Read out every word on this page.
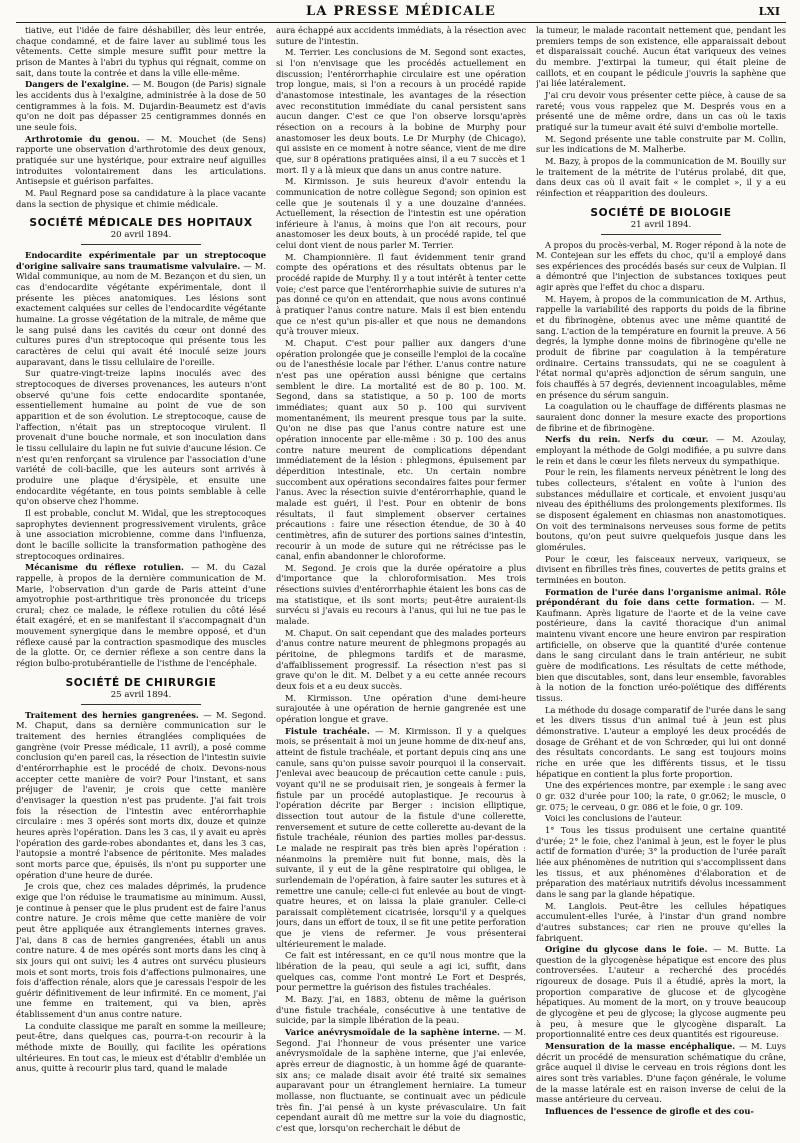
LA PRESSE MÉDICALE	LXI

tiative, eut l'idée de faire déshabiller, dès leur entrée, chaque condamné, et de faire laver au sublimé tous les vêtements. Cette simple mesure suffit pour mettre la prison de Mantes à l'abri du typhus qui régnait, comme on sait, dans toute la contrée et dans la ville elle-même.

Dangers de l'exalgine. — M. Bougon (de Paris) signale les accidents dus à l'exalgine, administrée à la dose de 50 centigrammes à la fois. M. Dujardin-Beaumetz est d'avis qu'on ne doit pas dépasser 25 centigrammes donnés en une seule fois.

Arthrotomie du genou. — M. Mouchet (de Sens) rapporte une observation d'arthrotomie des deux genoux, pratiquée sur une hystérique, pour extraire neuf aiguilles introduites volontairement dans les articulations. Antisepsie et guérison parfaites.

M. Paul Regnard pose sa candidature à la place vacante dans la section de physique et chimie médicale.

SOCIÉTÉ MÉDICALE DES HOPITAUX
20 avril 1894.

Endocardite expérimentale par un streptocoque d'origine salivaire sans traumatisme valvulaire. — M. Widal communique, au nom de M. Bezançon et du sien, un cas d'endocardite végétante expérimentale, dont il présente les pièces anatomiques. Les lésions sont exactement calquées sur celles de l'endocardite végétante humaine. La grosse végétation de la mitrale, de même que le sang puisé dans les cavités du cœur ont donné des cultures pures d'un streptocoque qui présente tous les caractères de celui qui avait été inoculé seize jours auparavant, dans le tissu cellulaire de l'oreille.

Sur quatre-vingt-treize lapins inoculés avec des streptocoques de diverses provenances, les auteurs n'ont observé qu'une fois cette endocardite spontanée, essentiellement humaine au point de vue de son apparition et de son évolution. Le streptocoque, cause de l'affection, n'était pas un streptocoque virulent. Il provenait d'une bouche normale, et son inoculation dans le tissu cellulaire du lapin ne fut suivie d'aucune lésion. Ce n'est qu'en renforçant sa virulence par l'association d'une variété de coli-bacille, que les auteurs sont arrivés à produire une plaque d'érysipèle, et ensuite une endocardite végétante, en tous points semblable à celle qu'on observe chez l'homme.

Il est probable, conclut M. Widal, que les streptocoques saprophytes deviennent progressivement virulents, grâce à une association microbienne, comme dans l'influenza, dont le bacille sollicite la transformation pathogène des streptocoques ordinaires.

Mécanisme du réflexe rotulien. — M. du Cazal rappelle, à propos de la dernière communication de M. Marie, l'observation d'un garde de Paris atteint d'une amyotrophie post-arthritique très prononcée du triceps crural; chez ce malade, le réflexe rotulien du côté lésé était exagéré, et en se manifestant il s'accompagnait d'un mouvement synergique dans le membre opposé, et d'un réflexe causé par la contraction spasmodique des muscles de la glotte. Or, ce dernier réflexe a son centre dans la région bulbo-protubérantielle de l'isthme de l'encéphale.

SOCIÉTÉ DE CHIRURGIE
25 avril 1894.

Traitement des hernies gangrenées. — M. Segond. M. Chaput, dans sa dernière communication sur le traitement des hernies étranglées compliquées de gangrène (voir Presse médicale, 11 avril), a posé comme conclusion qu'en pareil cas, la résection de l'intestin suivie d'entérorrhaphie est le procédé de choix. Devons-nous accepter cette manière de voir? Pour l'instant, et sans préjuger de l'avenir, je crois que cette manière d'envisager la question n'est pas prudente. J'ai fait trois fois la résection de l'intestin avec entérorrhaphie circulaire : mes 3 opérés sont morts dix, douze et quinze heures après l'opération. Dans les 3 cas, il y avait eu après l'opération des garde-robes abondantes et, dans les 3 cas, l'autopsie a montré l'absence de péritonite. Mes malades sont morts parce que, épuisés, ils n'ont pu supporter une opération d'une heure de durée.

Je crois que, chez ces malades déprimés, la prudence exige que l'on réduise le traumatisme au minimum. Aussi, je continue à penser que le plus prudent est de faire l'anus contre nature. Je crois même que cette manière de voir peut être appliquée aux étranglements internes graves. J'ai, dans 8 cas de hernies gangrenées, établi un anus contre nature. 4 de mes opérés sont morts dans les cinq à six jours qui ont suivi; les 4 autres ont survécu plusieurs mois et sont morts, trois fois d'affections pulmonaires, une fois d'affection rénale, alors que je caressais l'espoir de les guérir définitivement de leur infirmité. En ce moment, j'ai une femme en traitement, qui va bien, après établissement d'un anus contre nature.

La conduite classique me paraît en somme la meilleure; peut-être, dans quelques cas, pourra-t-on recourir à la méthode mixte de Bouilly, qui facilite les opérations ultérieures. En tout cas, le mieux est d'établir d'emblée un anus, quitte à recourir plus tard, quand le malade

aura échappé aux accidents immédiats, à la résection avec suture de l'intestin.

M. Terrier. Les conclusions de M. Segond sont exactes, si l'on n'envisage que les procédés actuellement en discussion; l'entérorrhaphie circulaire est une opération trop longue, mais, si l'on a recours à un procédé rapide d'anastomose intestinale, les avantages de la résection avec reconstitution immédiate du canal persistent sans aucun danger. C'est ce que l'on observe lorsqu'après résection on a recours à la bobine de Murphy pour anastomoser les deux bouts. Le Dr Murphy (de Chicago), qui assiste en ce moment à notre séance, vient de me dire que, sur 8 opérations pratiquées ainsi, il a eu 7 succès et 1 mort. Il y a là mieux que dans un anus contre nature.

M. Kirmisson. Je suis heureux d'avoir entendu la communication de notre collègue Segond; son opinion est celle que je soutenais il y a une douzaine d'années. Actuellement, la résection de l'intestin est une opération inférieure à l'anus, à moins que l'on ait recours, pour anastomoser les deux bouts, à un procédé rapide, tel que celui dont vient de nous parler M. Terrier.

M. Championnière. Il faut évidemment tenir grand compte des opérations et des résultats obtenus par le procédé rapide de Murphy. Il y a tout intérêt à tenter cette voie; c'est parce que l'entérorrhaphie suivie de sutures n'a pas donné ce qu'on en attendait, que nous avons continué à pratiquer l'anus contre nature. Mais il est bien entendu que ce n'est qu'un pis-aller et que nous ne demandons qu'à trouver mieux.

M. Chaput. C'est pour pallier aux dangers d'une opération prolongée que je conseille l'emploi de la cocaïne ou de l'anesthésie locale par l'éther. L'anus contre nature n'est pas une opération aussi bénigne que certains semblent le dire. La mortalité est de 80 p. 100. M. Segond, dans sa statistique, a 50 p. 100 de morts immédiates; quant aux 50 p. 100 qui survivent momentanément, ils meurent presque tous par la suite. Qu'on ne dise pas que l'anus contre nature est une opération innocente par elle-même : 30 p. 100 des anus contre nature meurent de complications dépendant immédiatement de la lésion : phlegmons, épuisement par déperdition intestinale, etc. Un certain nombre succombent aux opérations secondaires faites pour fermer l'anus. Avec la résection suivie d'entérorrhaphie, quand le malade est guéri, il l'est. Pour en obtenir de bons résultats, il faut simplement observer certaines précautions : faire une résection étendue, de 30 à 40 centimètres, afin de suturer des portions saines d'intestin, recourir à un mode de suture qui ne rétrécisse pas le canal, enfin abandonner le chloroforme.

M. Segond. Je crois que la durée opératoire a plus d'importance que la chloroformisation. Mes trois résections suivies d'entérorrhaphie étaient les bons cas de ma statistique, et ils sont morts; peut-être auraient-ils survécu si j'avais eu recours à l'anus, qui lui ne tue pas le malade.

M. Chaput. On sait cependant que des malades porteurs d'anus contre nature meurent de phlegmons propagés au péritoine, de phlegmons tardifs et de marasme, d'affaiblissement progressif. La résection n'est pas si grave qu'on le dit. M. Delbet y a eu cette année recours deux fois et a eu deux succès.

M. Kirmisson. Une opération d'une demi-heure surajoutée à une opération de hernie gangrenée est une opération longue et grave.

Fistule trachéale. — M. Kirmisson. Il y a quelques mois, se présentait à moi un jeune homme de dix-neuf ans, atteint de fistule trachéale, et portant depuis cinq ans une canule, sans qu'on puisse savoir pourquoi il la conservait. J'enlevai avec beaucoup de précaution cette canule : puis, voyant qu'il ne se produisait rien, je songeais à fermer la fistule par un procédé autoplastique. Je recourus à l'opération décrite par Berger : incision elliptique, dissection tout autour de la fistule d'une collerette, renversement et suture de cette collerette au-devant de la fistule trachéale, réunion des parties molles par-dessus. Le malade ne respirait pas très bien après l'opération : néanmoins la première nuit fut bonne, mais, dès la suivante, il y eut de la gêne respiratoire qui obligea, le surlendemain de l'opération, à faire sauter les sutures et à remettre une canule; celle-ci fut enlevée au bout de vingt-quatre heures, et on laissa la plaie granuler. Celle-ci paraissait complètement cicatrisée, lorsqu'il y a quelques jours, dans un effort de toux, il se fit une petite perforation que je viens de refermer. Je vous présenterai ultérieurement le malade.

Ce fait est intéressant, en ce qu'il nous montre que la libération de la peau, qui seule a agi ici, suffit, dans quelques cas, comme l'ont montré Le Fort et Després, pour permettre la guérison des fistules trachéales.

M. Bazy. J'ai, en 1883, obtenu de même la guérison d'une fistule trachéale, consécutive à une tentative de suicide, par la simple libération de la peau.

Varice anévrysmoïdale de la saphène interne. — M. Segond. J'ai l'honneur de vous présenter une varice anévrysmoïdale de la saphène interne, que j'ai enlevée, après erreur de diagnostic, à un homme âgé de quarante-six ans; ce malade disait avoir été traité six semaines auparavant pour un étranglement herniaire. La tumeur mollasse, non fluctuante, se continuait avec un pédicule très fin. J'ai pensé à un kyste prévasculaire. Un fait cependant aurait dû me mettre sur la voie du diagnostic, c'est que, lorsqu'on recherchait le début de

la tumeur, le malade racontait nettement que, pendant les premiers temps de son existence, elle apparaissait debout et disparaissait couché. Aucun état variqueux des veines du membre. J'extirpai la tumeur, qui était pleine de caillots, et en coupant le pédicule j'ouvris la saphène que j'ai liée latéralement.

J'ai cru devoir vous présenter cette pièce, à cause de sa rareté; vous vous rappelez que M. Després vous en a présenté une de même ordre, dans un cas où le taxis pratiqué sur la tumeur avait été suivi d'embolie mortelle.

M. Segond présente une table construite par M. Collin, sur les indications de M. Malherbe.

M. Bazy, à propos de la communication de M. Bouilly sur le traitement de la métrite de l'utérus prolabé, dit que, dans deux cas où il avait fait « le complet », il y a eu réinfection et réapparition des douleurs.

SOCIÉTÉ DE BIOLOGIE
21 avril 1894.

A propos du procès-verbal, M. Roger répond à la note de M. Contejean sur les effets du choc, qu'il a employé dans ses expériences des procédés basés sur ceux de Vulpian. Il a démontré que l'injection de substances toxiques peut agir après que l'effet du choc a disparu.

M. Hayem, à propos de la communication de M. Arthus, rappelle la variabilité des rapports du poids de la fibrine et du fibrinogène, obtenus avec une même quantité de sang. L'action de la température en fournit la preuve. A 56 degrés, la lymphe donne moins de fibrinogène qu'elle ne produit de fibrine par coagulation à la température ordinaire. Certains transsudats, qui ne se coagulent à l'état normal qu'après adjonction de sérum sanguin, une fois chauffés à 57 degrés, deviennent incoagulables, même en présence du sérum sanguin.

La coagulation ou le chauffage de différents plasmas ne sauraient donc donner la mesure exacte des proportions de fibrine et de fibrinogène.

Nerfs du rein. Nerfs du cœur. — M. Azoulay, employant la méthode de Golgi modifiée, a pu suivre dans le rein et dans le cœur les filets nerveux du sympathique.

Pour le rein, les filaments nerveux pénètrent le long des tubes collecteurs, s'étalent en voûte à l'union des substances médullaire et corticale, et envoient jusqu'au niveau des épithéliums des prolongements plexiformes. Ils se disposent également en chiasmas non anastomotiques. On voit des terminaisons nerveuses sous forme de petits boutons, qu'on peut suivre quelquefois jusque dans les glomérules.

Pour le cœur, les faisceaux nerveux, variqueux, se divisent en fibrilles très fines, couvertes de petits grains et terminées en bouton.

Formation de l'urée dans l'organisme animal. Rôle prépondérant du foie dans cette formation. — M. Kaufmann. Après ligature de l'aorte et de la veine cave postérieure, dans la cavité thoracique d'un animal maintenu vivant encore une heure environ par respiration artificielle, on observe que la quantité d'urée contenue dans le sang circulant dans le train antérieur, ne subit guère de modifications. Les résultats de cette méthode, bien que discutables, sont, dans leur ensemble, favorables à la notion de la fonction uréo-poïétique des différents tissus.

La méthode du dosage comparatif de l'urée dans le sang et les divers tissus d'un animal tué à jeun est plus démonstrative. L'auteur a employé les deux procédés de dosage de Gréhant et de von Schrœder, qui lui ont donné des résultats concordants. Le sang est toujours moins riche en urée que les différents tissus, et le tissu hépatique en contient la plus forte proportion.

Une des expériences montre, par exemple : le sang avec 0 gr. 032 d'urée pour 100; la rate, 0 gr.062; le muscle, 0 gr. 075; le cerveau, 0 gr. 086 et le foie, 0 gr. 109.

Voici les conclusions de l'auteur.

1° Tous les tissus produisent une certaine quantité d'urée; 2° le foie, chez l'animal à jeun, est le foyer le plus actif de formation d'urée; 3° la production de l'urée paraît liée aux phénomènes de nutrition qui s'accomplissent dans les tissus, et aux phénomènes d'élaboration et de préparation des matériaux nutritifs dévolus incessamment dans le sang par la glande hépatique.

M. Langlois. Peut-être les cellules hépatiques accumulent-elles l'urée, à l'instar d'un grand nombre d'autres substances; car rien ne prouve qu'elles la fabriquent.

Origine du glycose dans le foie. — M. Butte. La question de la glycogenèse hépatique est encore des plus controversées. L'auteur a recherché des procédés rigoureux de dosage. Puis il a étudié, après la mort, la proportion comparative de glucose et de glycogène hépatiques. Au moment de la mort, on y trouve beaucoup de glycogène et peu de glycose; la glycose augmente peu à peu, à mesure que le glycogène disparaît. La proportionnalité entre ces deux quantités est rigoureuse.

Mensuration de la masse encéphalique. — M. Luys décrit un procédé de mensuration schématique du crâne, grâce auquel il divise le cerveau en trois régions dont les aires sont très variables. D'une façon générale, le volume de la masse latérale est en raison inverse de celui de la masse antérieure du cerveau.

Influences de l'essence de girofle et des cou-
